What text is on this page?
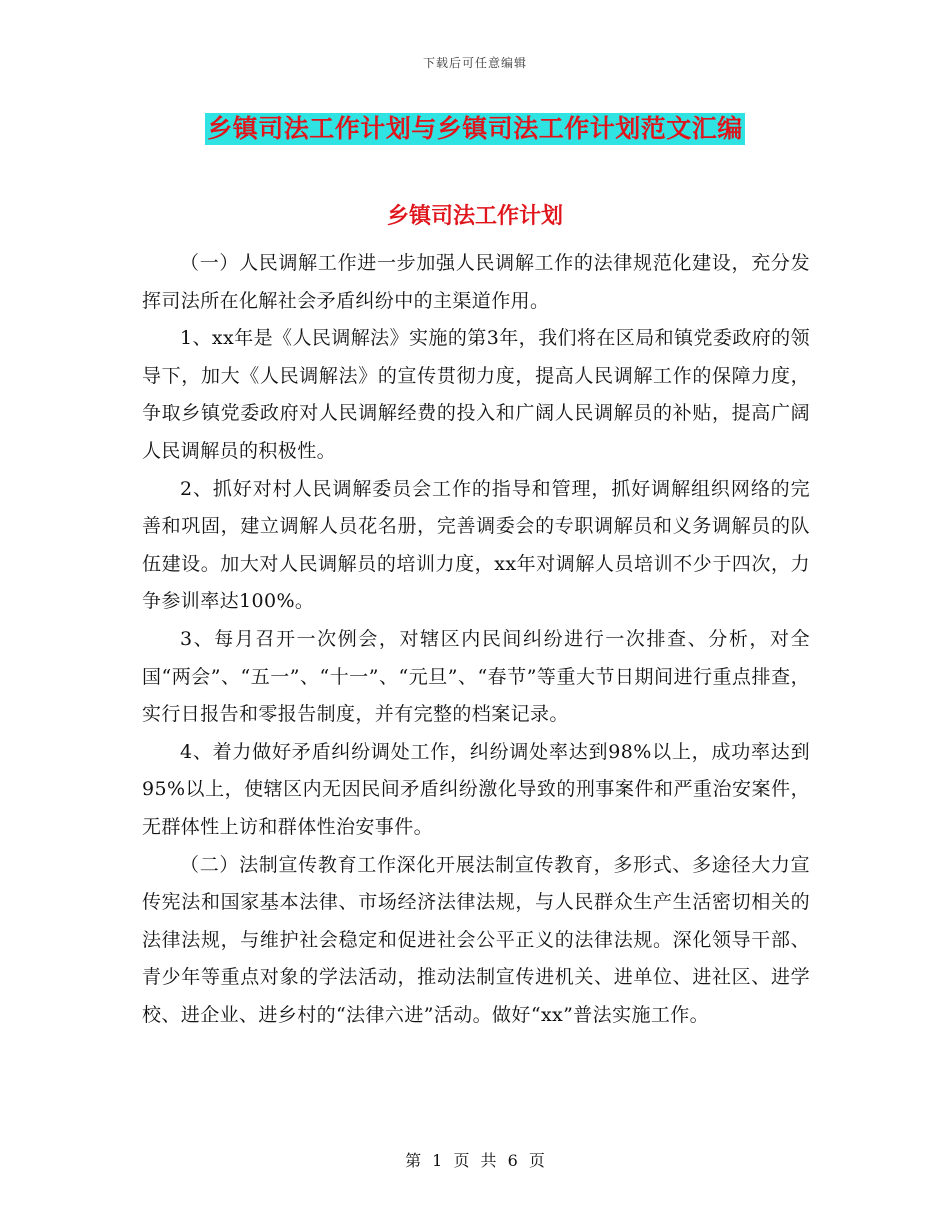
下载后可任意编辑
乡镇司法工作计划与乡镇司法工作计划范文汇编
乡镇司法工作计划

（一）人民调解工作进一步加强人民调解工作的法律规范化建设，充分发挥司法所在化解社会矛盾纠纷中的主渠道作用。

1、xx年是《人民调解法》实施的第3年，我们将在区局和镇党委政府的领导下，加大《人民调解法》的宣传贯彻力度，提高人民调解工作的保障力度，争取乡镇党委政府对人民调解经费的投入和广阔人民调解员的补贴，提高广阔人民调解员的积极性。

2、抓好对村人民调解委员会工作的指导和管理，抓好调解组织网络的完善和巩固，建立调解人员花名册，完善调委会的专职调解员和义务调解员的队伍建设。加大对人民调解员的培训力度，xx年对调解人员培训不少于四次，力争参训率达100%。

3、每月召开一次例会，对辖区内民间纠纷进行一次排查、分析，对全国“两会”、“五一”、“十一”、“元旦”、“春节”等重大节日期间进行重点排查，实行日报告和零报告制度，并有完整的档案记录。

4、着力做好矛盾纠纷调处工作，纠纷调处率达到98%以上，成功率达到95%以上，使辖区内无因民间矛盾纠纷激化导致的刑事案件和严重治安案件，无群体性上访和群体性治安事件。

（二）法制宣传教育工作深化开展法制宣传教育，多形式、多途径大力宣传宪法和国家基本法律、市场经济法律法规，与人民群众生产生活密切相关的法律法规，与维护社会稳定和促进社会公平正义的法律法规。深化领导干部、青少年等重点对象的学法活动，推动法制宣传进机关、进单位、进社区、进学校、进企业、进乡村的“法律六进”活动。做好“xx”普法实施工作。

第 1 页 共 6 页
